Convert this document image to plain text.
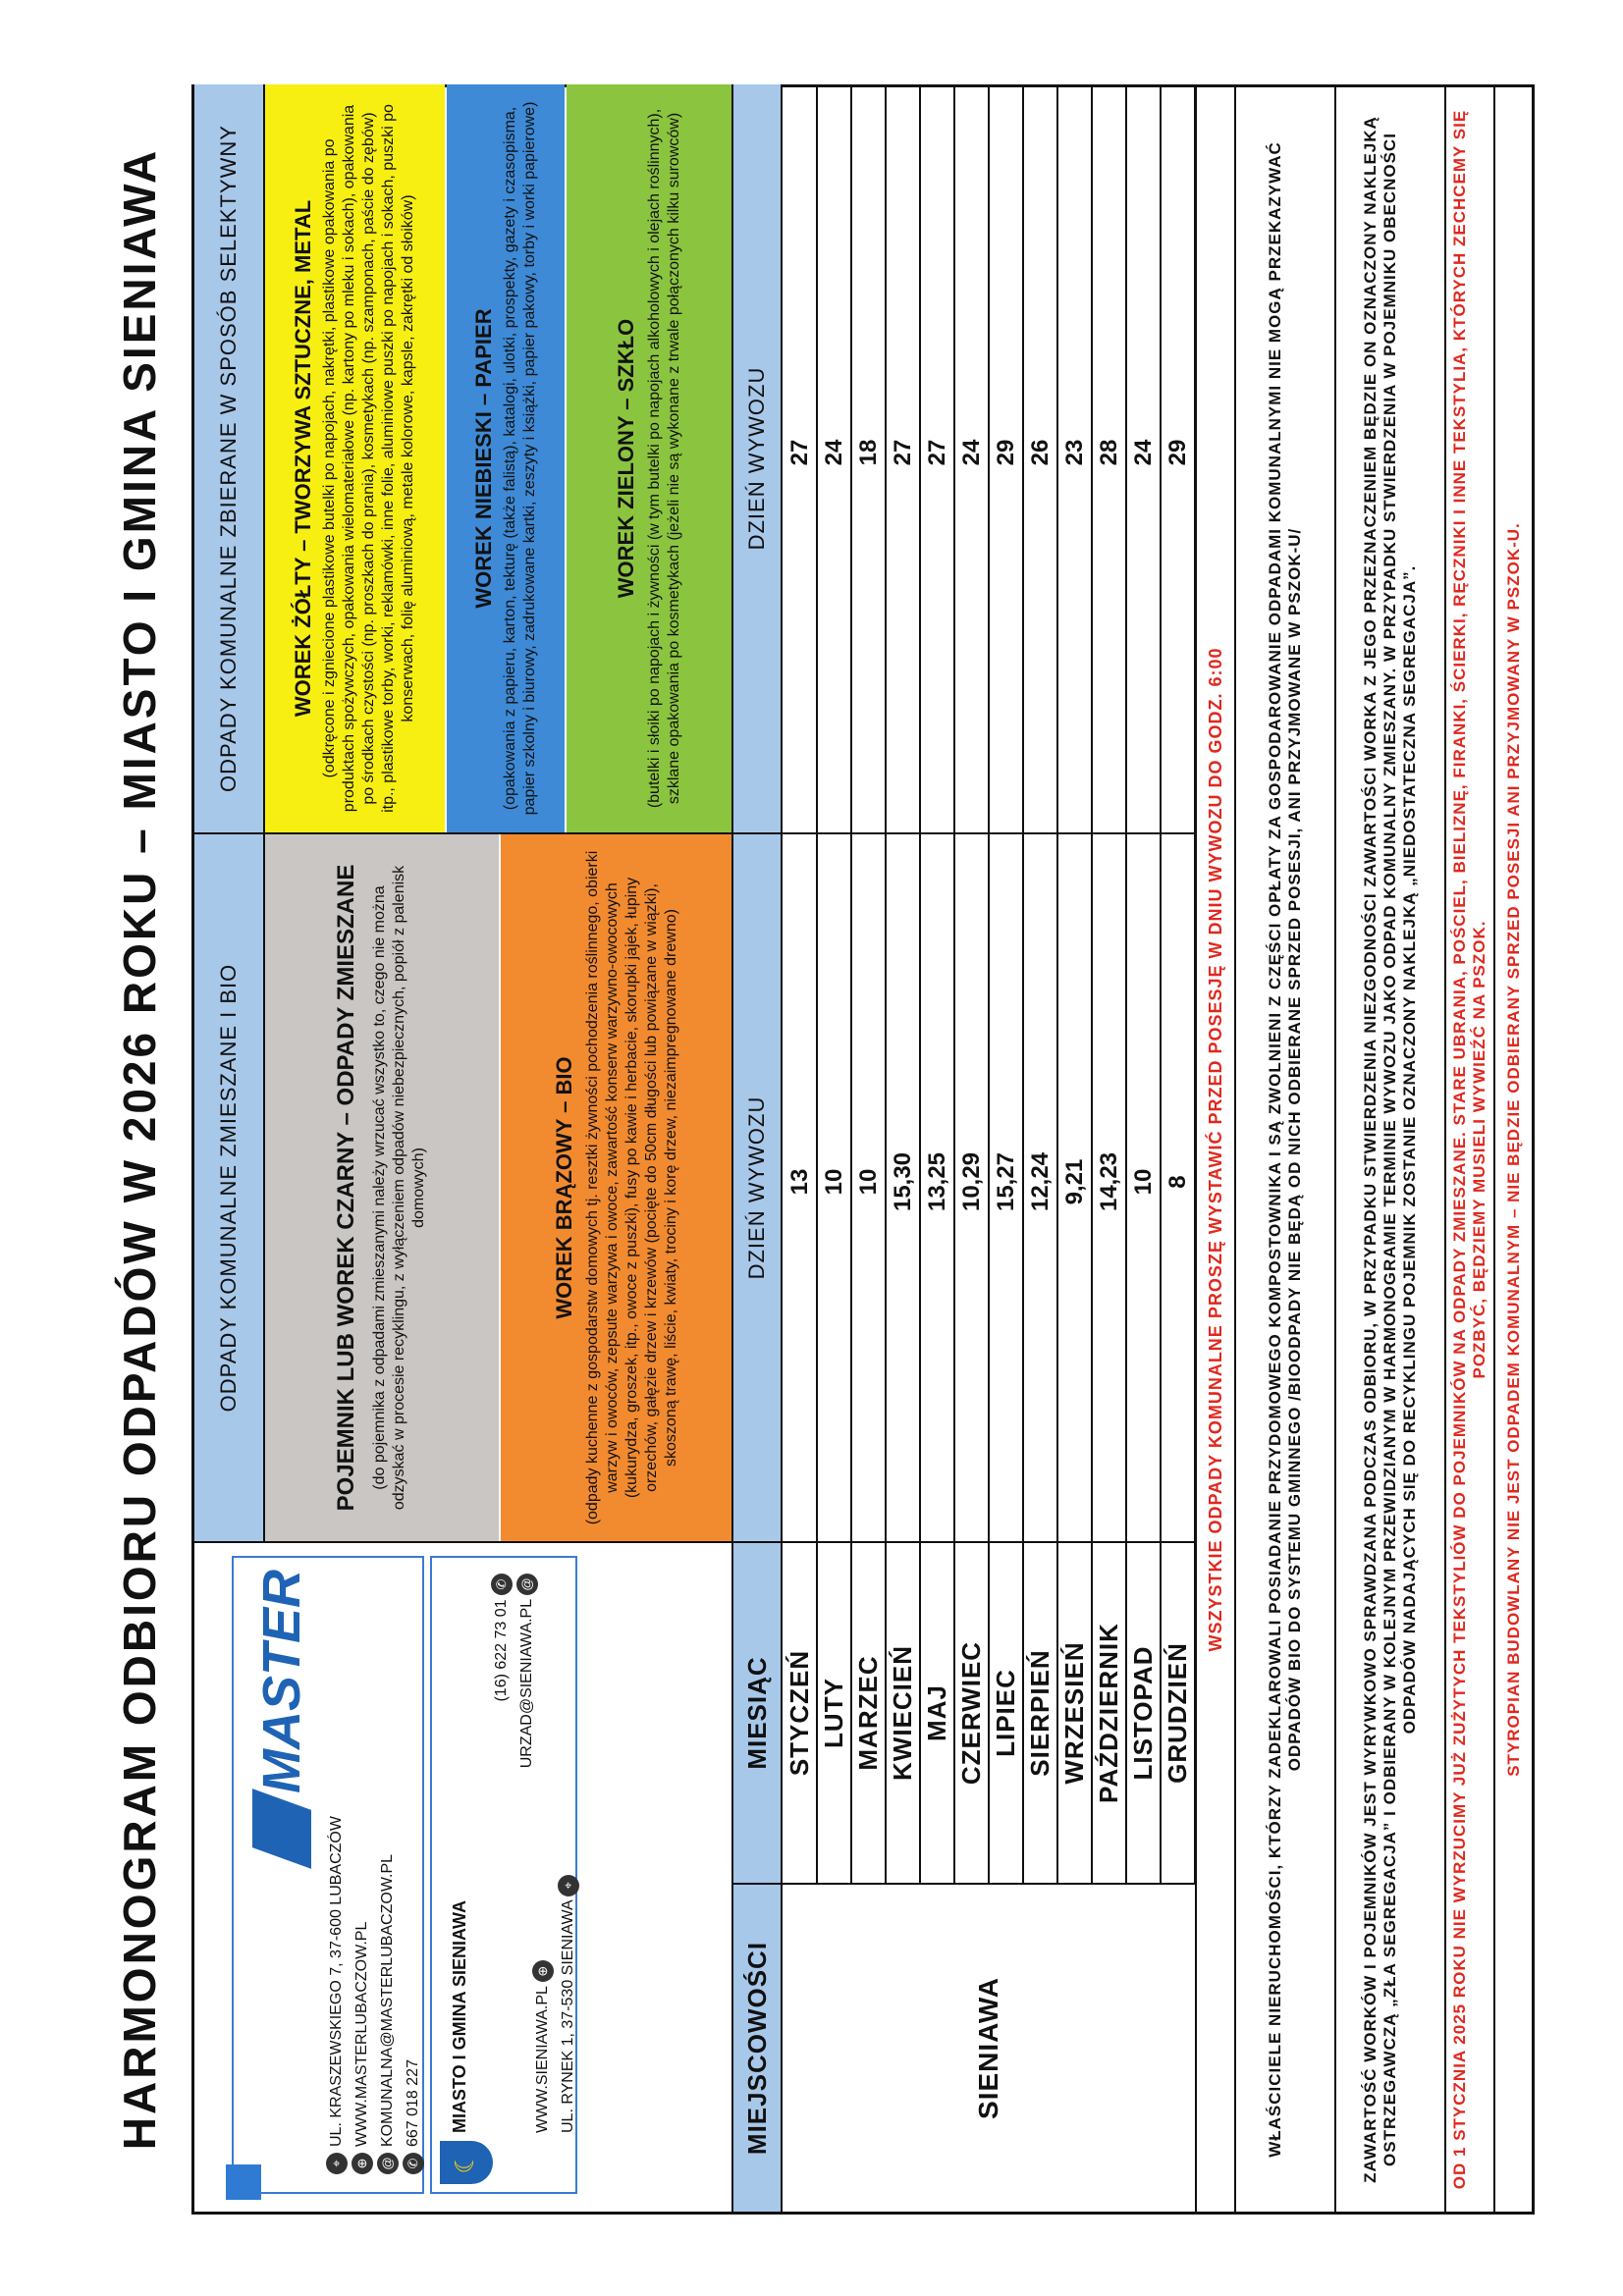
HARMONOGRAM ODBIORU ODPADÓW W 2026 ROKU – MIASTO I GMINA SIENIAWA	MASTER
⌖UL. KRASZEWSKIEGO 7, 37-600 LUBACZÓW
⊕WWW.MASTERLUBACZOW.PL
@KOMUNALNA@MASTERLUBACZOW.PL
✆667 018 227
☾
MIASTO I GMINA SIENIAWA
(16) 622 73 01 ✆
URZAD@SIENIAWA.PL @
WWW.SIENIAWA.PL ⊕ UL. RYNEK 1, 37-530 SIENIAWA ⌖
ODPADY KOMUNALNE ZMIESZANE I BIO
ODPADY KOMUNALNE ZBIERANE W SPOSÓB SELEKTYWNY
POJEMNIK LUB WOREK CZARNY – ODPADY ZMIESZANE (do pojemnika z odpadami zmieszanymi należy wrzucać wszystko to, czego nie można odzyskać w procesie recyklingu, z wyłączeniem odpadów niebezpiecznych, popiół z palenisk domowych)	WOREK BRĄZOWY – BIO (odpady kuchenne z gospodarstw domowych tj. resztki żywności pochodzenia roślinnego, obierki warzyw i owoców, zepsute warzywa i owoce, zawartość konserw warzywno-owocowych (kukurydza, groszek, itp., owoce z puszki), fusy po kawie i herbacie, skorupki jajek, łupiny orzechów, gałęzie drzew i krzewów (pocięte do 50cm długości lub powiązane w wiązki), skoszoną trawę, liście, kwiaty, trociny i korę drzew, niezaimpregnowane drewno)
WOREK ŻÓŁTY – TWORZYWA SZTUCZNE, METAL (odkręcone i zgniecione plastikowe butelki po napojach, nakrętki, plastikowe opakowania po produktach spożywczych, opakowania wielomateriałowe (np. kartony po mleku i sokach), opakowania po środkach czystości (np. proszkach do prania), kosmetykach (np. szamponach, paście do zębów) itp., plastikowe torby, worki, reklamówki, inne folie, aluminiowe puszki po napojach i sokach, puszki po konserwach, folię aluminiową, metale kolorowe, kapsle, zakrętki od słoików)	WOREK NIEBIESKI – PAPIER (opakowania z papieru, karton, tekturę (także falistą), katalogi, ulotki, prospekty, gazety i czasopisma, papier szkolny i biurowy, zadrukowane kartki, zeszyty i książki, papier pakowy, torby i worki papierowe)	WOREK ZIELONY – SZKŁO (butelki i słoiki po napojach i żywności (w tym butelki po napojach alkoholowych i olejach roślinnych), szklane opakowania po kosmetykach (jeżeli nie są wykonane z trwale połączonych kilku surowców)
MIEJSCOWOŚCI
MIESIĄC
DZIEŃ WYWOZU
DZIEŃ WYWOZU
SIENIAWA
STYCZEŃ
13
27
LUTY
10
24
MARZEC
10
18
KWIECIEŃ
15,30
27
MAJ
13,25
27
CZERWIEC
10,29
24
LIPIEC
15,27
29
SIERPIEŃ
12,24
26
WRZESIEŃ
9,21
23
PAŹDZIERNIK
14,23
28
LISTOPAD
10
24
GRUDZIEŃ
8
29
WSZYSTKIE ODPADY KOMUNALNE PROSZĘ WYSTAWIĆ PRZED POSESJĘ W DNIU WYWOZU DO GODZ. 6:00	WŁAŚCICIELE NIERUCHOMOŚCI, KTÓRZY ZADEKLAROWALI POSIADANIE PRZYDOMOWEGO KOMPOSTOWNIKA I SĄ ZWOLNIENI Z CZĘŚCI OPŁATY ZA GOSPODAROWANIE ODPADAMI KOMUNALNYMI NIE MOGĄ PRZEKAZYWAĆ ODPADÓW BIO DO SYSTEMU GMINNEGO /BIOODPADY NIE BĘDĄ OD NICH ODBIERANE SPRZED POSESJI, ANI PRZYJMOWANE W PSZOK-U/	ZAWARTOŚĆ WORKÓW I POJEMNIKÓW JEST WYRYWKOWO SPRAWDZANA PODCZAS ODBIORU, W PRZYPADKU STWIERDZENIA NIEZGODNOŚCI ZAWARTOŚCI WORKA Z JEGO PRZEZNACZENIEM BĘDZIE ON OZNACZONY NAKLEJKĄ OSTRZEGAWCZĄ „ZŁA SEGREGACJA” I ODBIERANY W KOLEJNYM PRZEWIDZIANYM W HARMONOGRAMIE TERMINIE WYWOZU JAKO ODPAD KOMUNALNY ZMIESZANY. W PRZYPADKU STWIERDZENIA W POJEMNIKU OBECNOŚCI ODPADÓW NADAJĄCYCH SIĘ DO RECYKLINGU POJEMNIK ZOSTANIE OZNACZONY NAKLEJKĄ „NIEDOSTATECZNA SEGREGACJA”.	OD 1 STYCZNIA 2025 ROKU NIE WYRZUCIMY JUŻ ZUŻYTYCH TEKSTYLIÓW DO POJEMNIKÓW NA ODPADY ZMIESZANE. STARE UBRANIA, POŚCIEL, BIELIZNĘ, FIRANKI, ŚCIERKI, RĘCZNIKI I INNE TEKSTYLIA, KTÓRYCH ZECHCEMY SIĘ POZBYĆ, BĘDZIEMY MUSIELI WYWIEŹĆ NA PSZOK. STYROPIAN BUDOWLANY NIE JEST ODPADEM KOMUNALNYM – NIE BĘDZIE ODBIERANY SPRZED POSESJI ANI PRZYJMOWANY W PSZOK-U.
